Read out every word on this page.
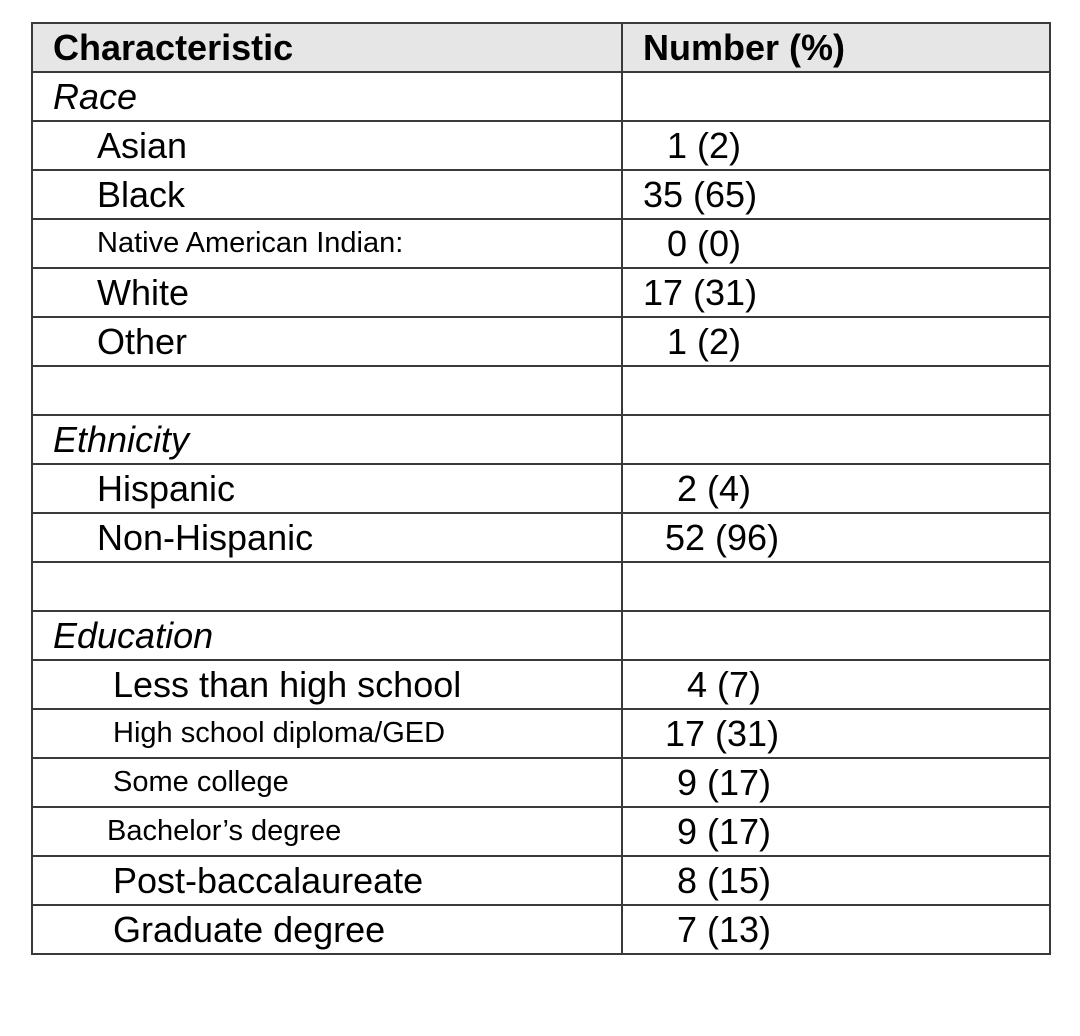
Characteristic	Number (%)
Race	
Asian	1 (2)
Black	35 (65)
Native American Indian:	0 (0)
White	17 (31)
Other	1 (2)

Ethnicity	
Hispanic	2 (4)
Non-Hispanic	52 (96)

Education	
Less than high school	4 (7)
High school diploma/GED	17 (31)
Some college	9 (17)
Bachelor’s degree	9 (17)
Post-baccalaureate	8 (15)
Graduate degree	7 (13)
